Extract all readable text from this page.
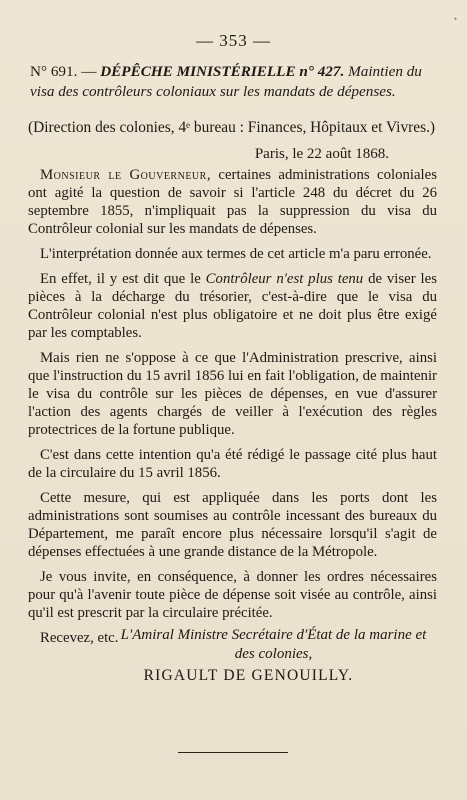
•
— 353 —
N° 691. — DÉPÊCHE MINISTÉRIELLE n° 427. Maintien du visa des contrôleurs coloniaux sur les mandats de dépenses.
(Direction des colonies, 4ᵉ bureau : Finances, Hôpitaux et Vivres.)
Paris, le 22 août 1868.

Monsieur le Gouverneur, certaines administrations coloniales ont agité la question de savoir si l'article 248 du décret du 26 septembre 1855, n'impliquait pas la suppression du visa du Contrôleur colonial sur les mandats de dépenses.

L'interprétation donnée aux termes de cet article m'a paru erronée.

En effet, il y est dit que le Contrôleur n'est plus tenu de viser les pièces à la décharge du trésorier, c'est-à-dire que le visa du Contrôleur colonial n'est plus obligatoire et ne doit plus être exigé par les comptables.

Mais rien ne s'oppose à ce que l'Administration prescrive, ainsi que l'instruction du 15 avril 1856 lui en fait l'obligation, de maintenir le visa du contrôle sur les pièces de dépenses, en vue d'assurer l'action des agents chargés de veiller à l'exécution des règles protectrices de la fortune publique.

C'est dans cette intention qu'a été rédigé le passage cité plus haut de la circulaire du 15 avril 1856.

Cette mesure, qui est appliquée dans les ports dont les administrations sont soumises au contrôle incessant des bureaux du Département, me paraît encore plus nécessaire lorsqu'il s'agit de dépenses effectuées à une grande distance de la Métropole.

Je vous invite, en conséquence, à donner les ordres nécessaires pour qu'à l'avenir toute pièce de dépense soit visée au contrôle, ainsi qu'il est prescrit par la circulaire précitée.

Recevez, etc. L'Amiral Ministre Secrétaire d'État de la marine et des colonies,
RIGAULT DE GENOUILLY.
